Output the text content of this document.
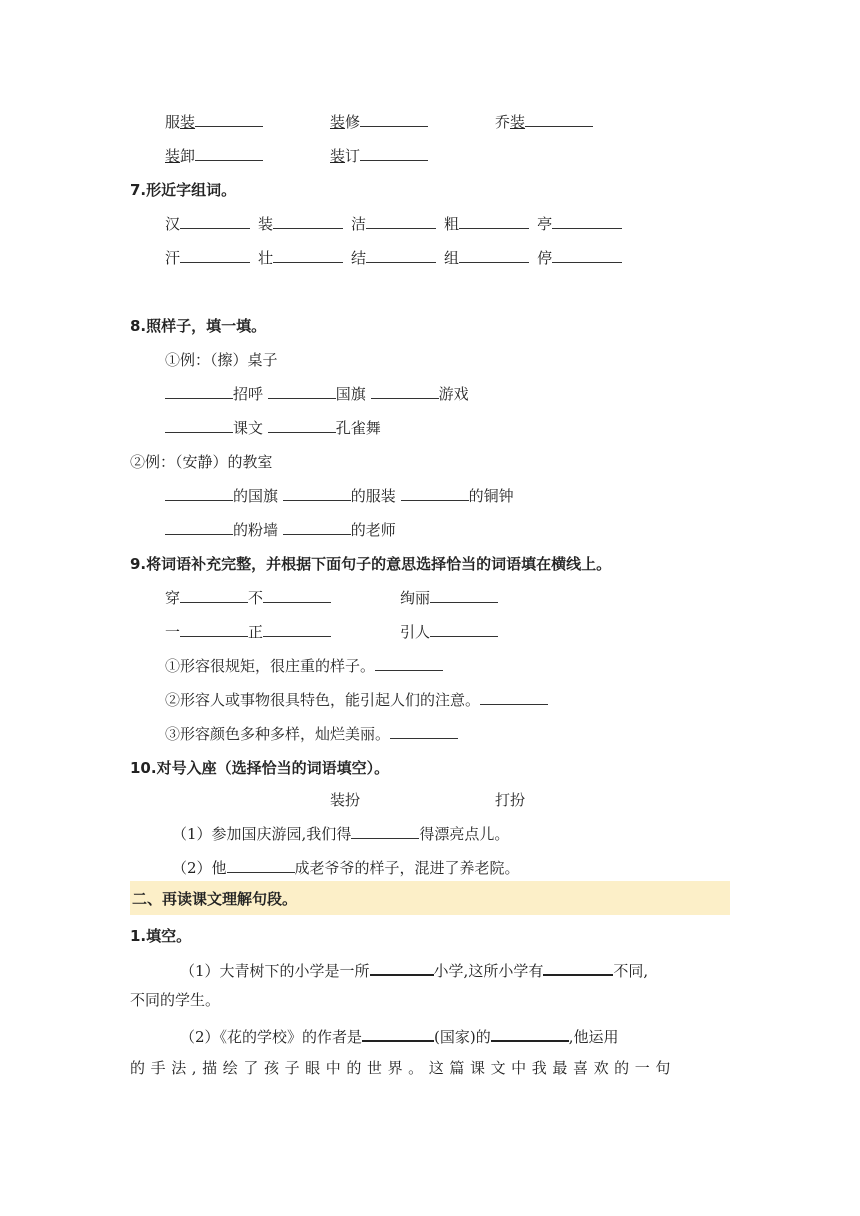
服装	装修	乔装
装卸	装订
7.形近字组词。
汉	装	洁	粗	亭
汗	壮	结	组	停
8.照样子，填一填。
①例：（擦）桌子
招呼	国旗	游戏
课文	孔雀舞
②例：（安静）的教室
的国旗	的服装	的铜钟
的粉墙	的老师
9.将词语补充完整，并根据下面句子的意思选择恰当的词语填在横线上。
穿	不	绚丽
一	正	引人
①形容很规矩，很庄重的样子。
②形容人或事物很具特色，能引起人们的注意。
③形容颜色多种多样，灿烂美丽。
10.对号入座（选择恰当的词语填空）。
装扮	打扮
（1）参加国庆游园,我们得	得漂亮点儿。
（2）他	成老爷爷的样子，混进了养老院。
二、再读课文理解句段。
1.填空。
（1）大青树下的小学是一所	小学,这所小学有	不同,
不同的学生。
（2）《花的学校》的作者是	(国家)的	,他运用
的手法,描绘了孩子眼中的世界。这篇课文中我最喜欢的一句
